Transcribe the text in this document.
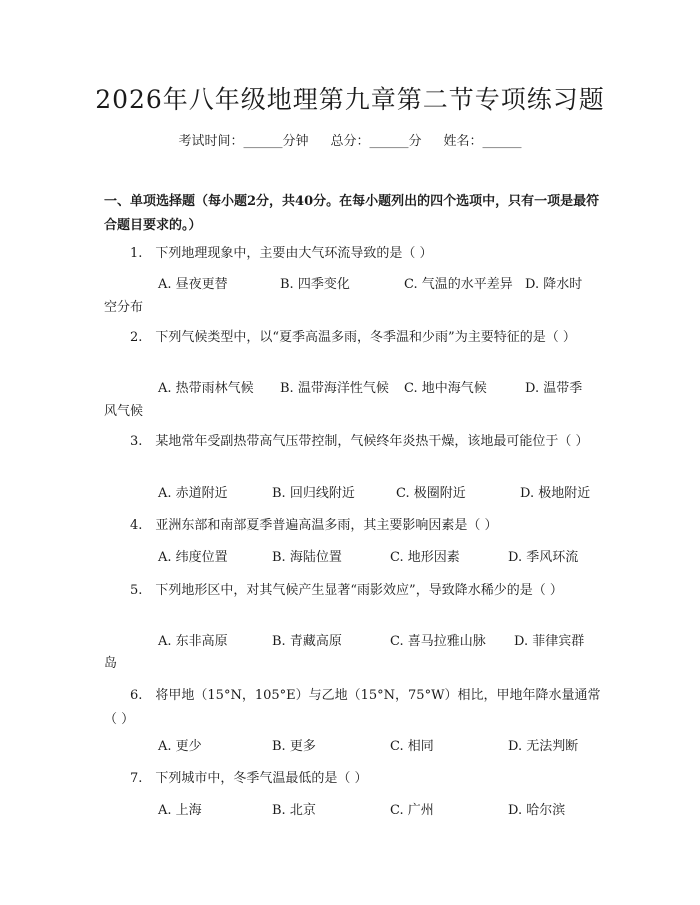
2026年八年级地理第九章第二节专项练习题
考试时间：______分钟 总分：______分 姓名：______
一、单项选择题（每小题2分，共40分。在每小题列出的四个选项中，只有一项是最符合题目要求的。）
1.　下列地理现象中，主要由大气环流导致的是（ ）
A. 昼夜更替	B. 四季变化	C. 气温的水平差异 D. 降水时
空分布
2.　下列气候类型中，以“夏季高温多雨，冬季温和少雨”为主要特征的是（ ）
A. 热带雨林气候 B. 温带海洋性气候 C. 地中海气候	D. 温带季
风气候
3.　某地常年受副热带高气压带控制，气候终年炎热干燥，该地最可能位于（ ）
A. 赤道附近	B. 回归线附近	C. 极圈附近	D. 极地附近
4.　亚洲东部和南部夏季普遍高温多雨，其主要影响因素是（ ）
A. 纬度位置	B. 海陆位置	C. 地形因素	D. 季风环流
5.　下列地形区中，对其气候产生显著“雨影效应”，导致降水稀少的是（ ）
A. 东非高原	B. 青藏高原	C. 喜马拉雅山脉 D. 菲律宾群
岛
6.　将甲地（15°N，105°E）与乙地（15°N，75°W）相比，甲地年降水量通常（ ）
A. 更少	B. 更多	C. 相同	D. 无法判断
7.　下列城市中，冬季气温最低的是（ ）
A. 上海	B. 北京	C. 广州	D. 哈尔滨
